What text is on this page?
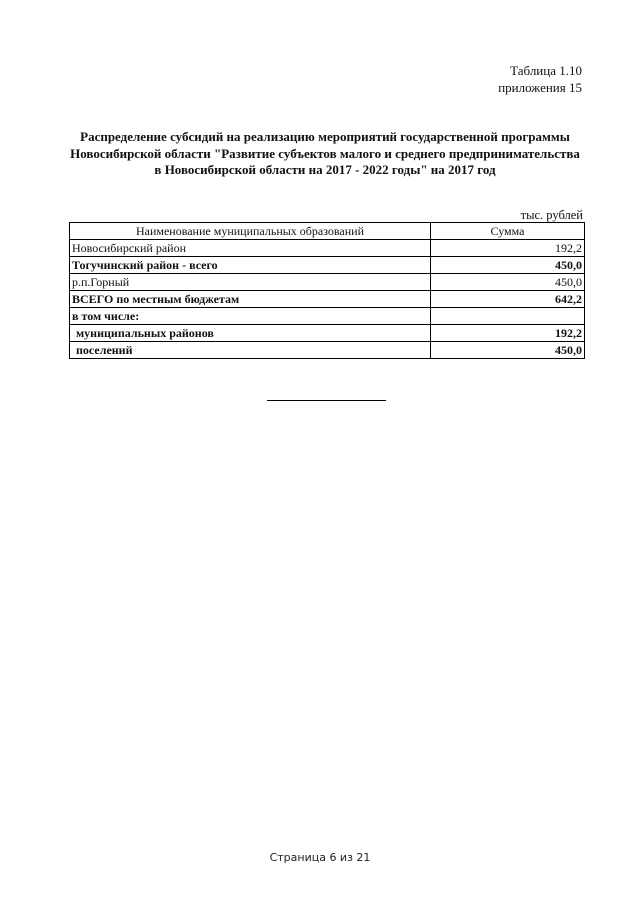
Таблица 1.10
приложения 15
Распределение субсидий на реализацию мероприятий государственной программы
Новосибирской области "Развитие субъектов малого и среднего предпринимательства
в Новосибирской области на 2017 - 2022 годы" на 2017 год
тыс. рублей
Наименование муниципальных образований	Сумма
Новосибирский район	192,2
Тогучинский район - всего	450,0
р.п.Горный	450,0
ВСЕГО по местным бюджетам	642,2
в том числе:	
муниципальных районов	192,2
поселений	450,0
Страница 6 из 21
